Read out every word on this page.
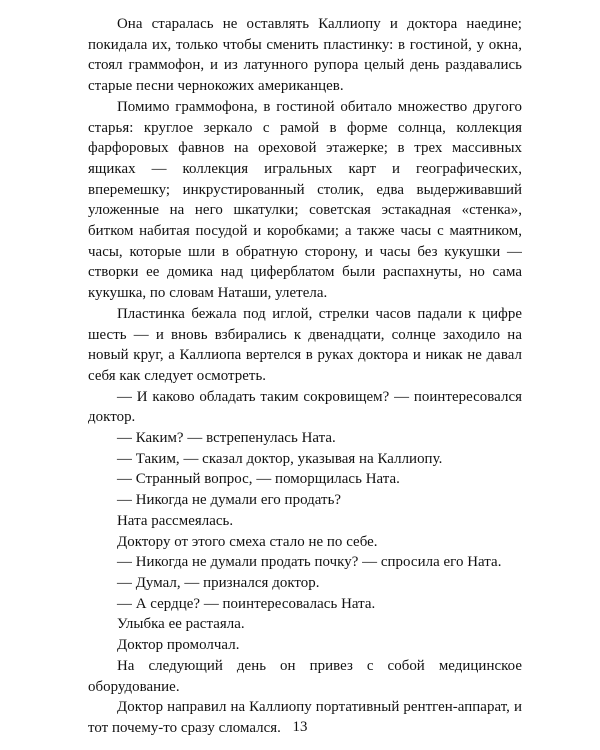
Она старалась не оставлять Каллиопу и доктора наедине; покидала их, только чтобы сменить пластинку: в гостиной, у окна, стоял граммофон, и из латунного рупора целый день раздавались старые песни чернокожих американцев.

Помимо граммофона, в гостиной обитало множество другого старья: круглое зеркало с рамой в форме солнца, коллекция фарфоровых фавнов на ореховой этажерке; в трех массивных ящиках — коллекция игральных карт и географических, вперемешку; инкрустированный столик, едва выдерживавший уложенные на него шкатулки; советская эстакадная «стенка», битком набитая посудой и коробками; а также часы с маятником, часы, которые шли в обратную сторону, и часы без кукушки — створки ее домика над циферблатом были распахнуты, но сама кукушка, по словам Наташи, улетела.

Пластинка бежала под иглой, стрелки часов падали к цифре шесть — и вновь взбирались к двенадцати, солнце заходило на новый круг, а Каллиопа вертелся в руках доктора и никак не давал себя как следует осмотреть.

— И каково обладать таким сокровищем? — поинтересовался доктор.

— Каким? — встрепенулась Ната.

— Таким, — сказал доктор, указывая на Каллиопу.

— Странный вопрос, — поморщилась Ната.

— Никогда не думали его продать?

Ната рассмеялась.

Доктору от этого смеха стало не по себе.

— Никогда не думали продать почку? — спросила его Ната.

— Думал, — признался доктор.

— А сердце? — поинтересовалась Ната.

Улыбка ее растаяла.

Доктор промолчал.

На следующий день он привез с собой медицинское оборудование.

Доктор направил на Каллиопу портативный рентген-аппарат, и тот почему-то сразу сломался. 13
